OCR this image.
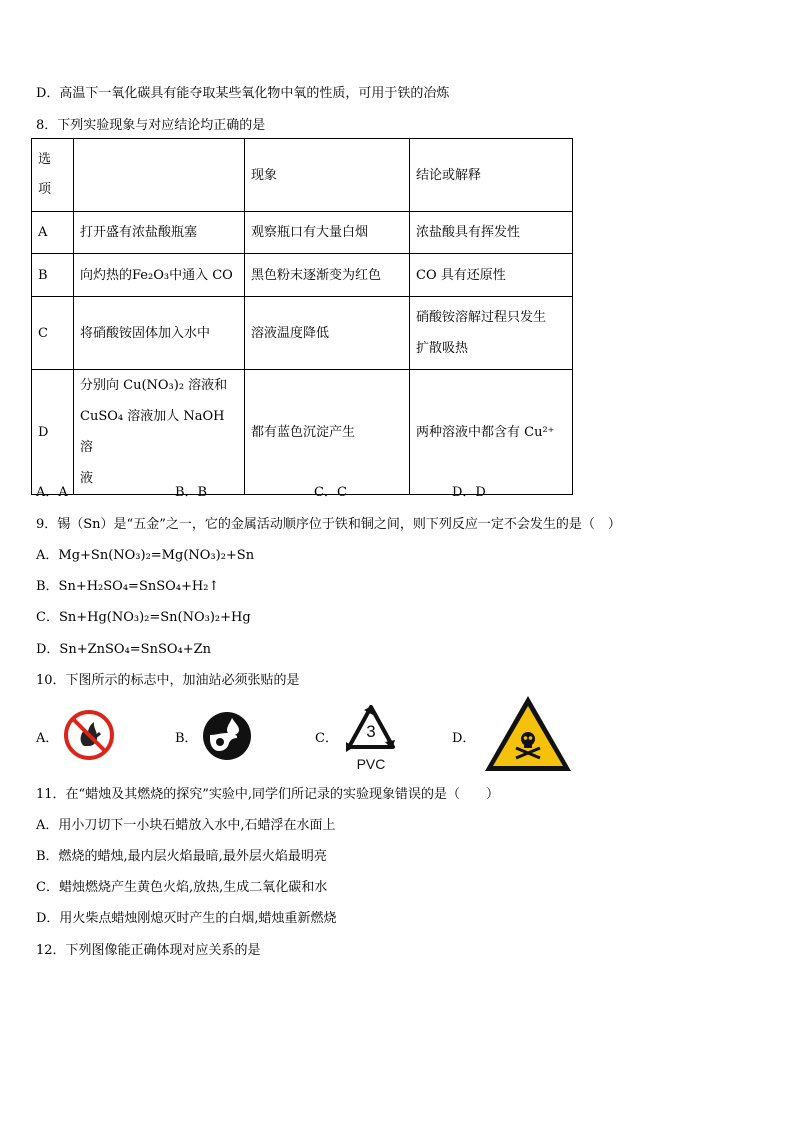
D．高温下一氧化碳具有能夺取某些氧化物中氧的性质，可用于铁的冶炼
8．下列实验现象与对应结论均正确的是
选
项		现象	结论或解释
A	打开盛有浓盐酸瓶塞	观察瓶口有大量白烟	浓盐酸具有挥发性
B	向灼热的Fe₂O₃中通入 CO	黑色粉末逐渐变为红色	CO 具有还原性
C	将硝酸铵固体加入水中	溶液温度降低	硝酸铵溶解过程只发生
扩散吸热
D	分别向 Cu(NO₃)₂ 溶液和
CuSO₄ 溶液加人 NaOH 溶
液	都有蓝色沉淀产生	两种溶液中都含有 Cu²⁺
A．A	B．B	C．C	D．D
9．锡（Sn）是“五金”之一，它的金属活动顺序位于铁和铜之间，则下列反应一定不会发生的是（　）
A．Mg+Sn(NO₃)₂=Mg(NO₃)₂+Sn
B．Sn+H₂SO₄=SnSO₄+H₂↑
C．Sn+Hg(NO₃)₂=Sn(NO₃)₂+Hg
D．Sn+ZnSO₄=SnSO₄+Zn
10．下图所示的标志中，加油站必须张贴的是
A．	B．	C． 3
PVC
D．
11．在“蜡烛及其燃烧的探究”实验中,同学们所记录的实验现象错误的是（　　）
A．用小刀切下一小块石蜡放入水中,石蜡浮在水面上
B．燃烧的蜡烛,最内层火焰最暗,最外层火焰最明亮
C．蜡烛燃烧产生黄色火焰,放热,生成二氧化碳和水
D．用火柴点蜡烛刚熄灭时产生的白烟,蜡烛重新燃烧
12．下列图像能正确体现对应关系的是
